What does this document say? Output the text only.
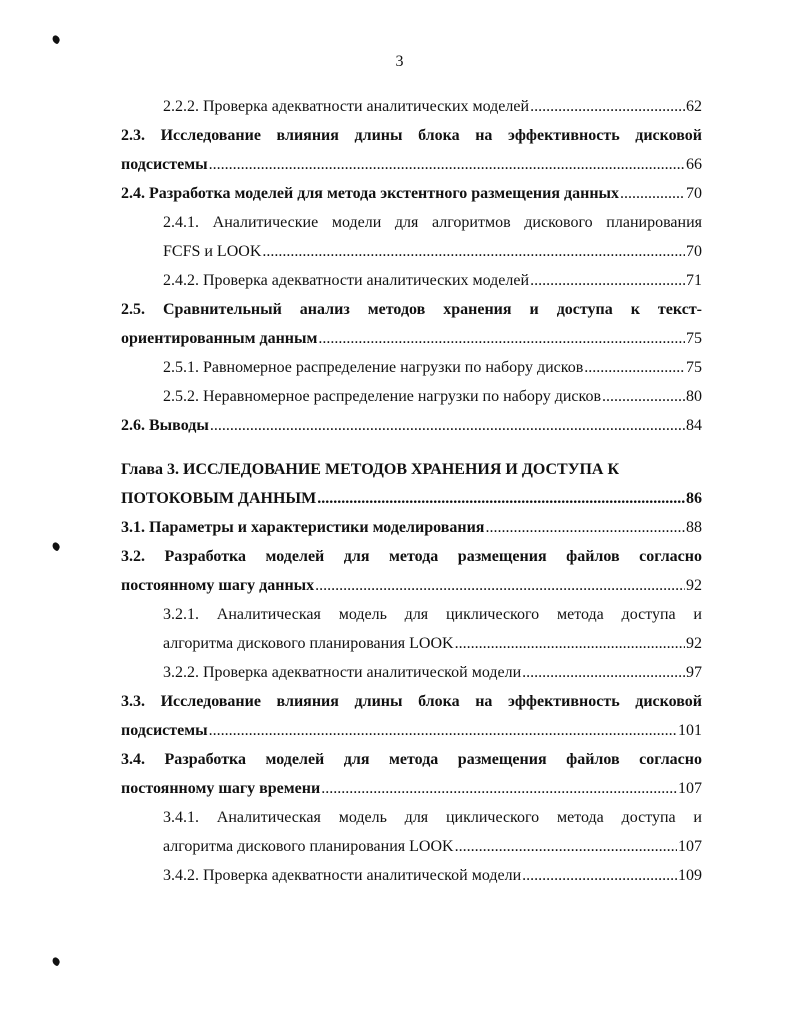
3
2.2.2. Проверка адекватности аналитических моделей .....	62
2.3. Исследование влияния длины блока на эффективность дисковой
подсистемы .....	66
2.4. Разработка моделей для метода экстентного размещения данных .....	70
2.4.1. Аналитические модели для алгоритмов дискового планирования
FCFS и LOOK .....	70
2.4.2. Проверка адекватности аналитических моделей .....	71
2.5. Сравнительный анализ методов хранения и доступа к текст-
ориентированным данным .....	75
2.5.1. Равномерное распределение нагрузки по набору дисков .....	75
2.5.2. Неравномерное распределение нагрузки по набору дисков .....	80
2.6. Выводы .....	84
Глава 3. ИССЛЕДОВАНИЕ МЕТОДОВ ХРАНЕНИЯ И ДОСТУПА К
ПОТОКОВЫМ ДАННЫМ .....	86
3.1. Параметры и характеристики моделирования .....	88
3.2. Разработка моделей для метода размещения файлов согласно
постоянному шагу данных .....	92
3.2.1. Аналитическая модель для циклического метода доступа и
алгоритма дискового планирования LOOK .....	92
3.2.2. Проверка адекватности аналитической модели .....	97
3.3. Исследование влияния длины блока на эффективность дисковой
подсистемы .....	101
3.4. Разработка моделей для метода размещения файлов согласно
постоянному шагу времени .....	107
3.4.1. Аналитическая модель для циклического метода доступа и
алгоритма дискового планирования LOOK .....	107
3.4.2. Проверка адекватности аналитической модели .....	109
